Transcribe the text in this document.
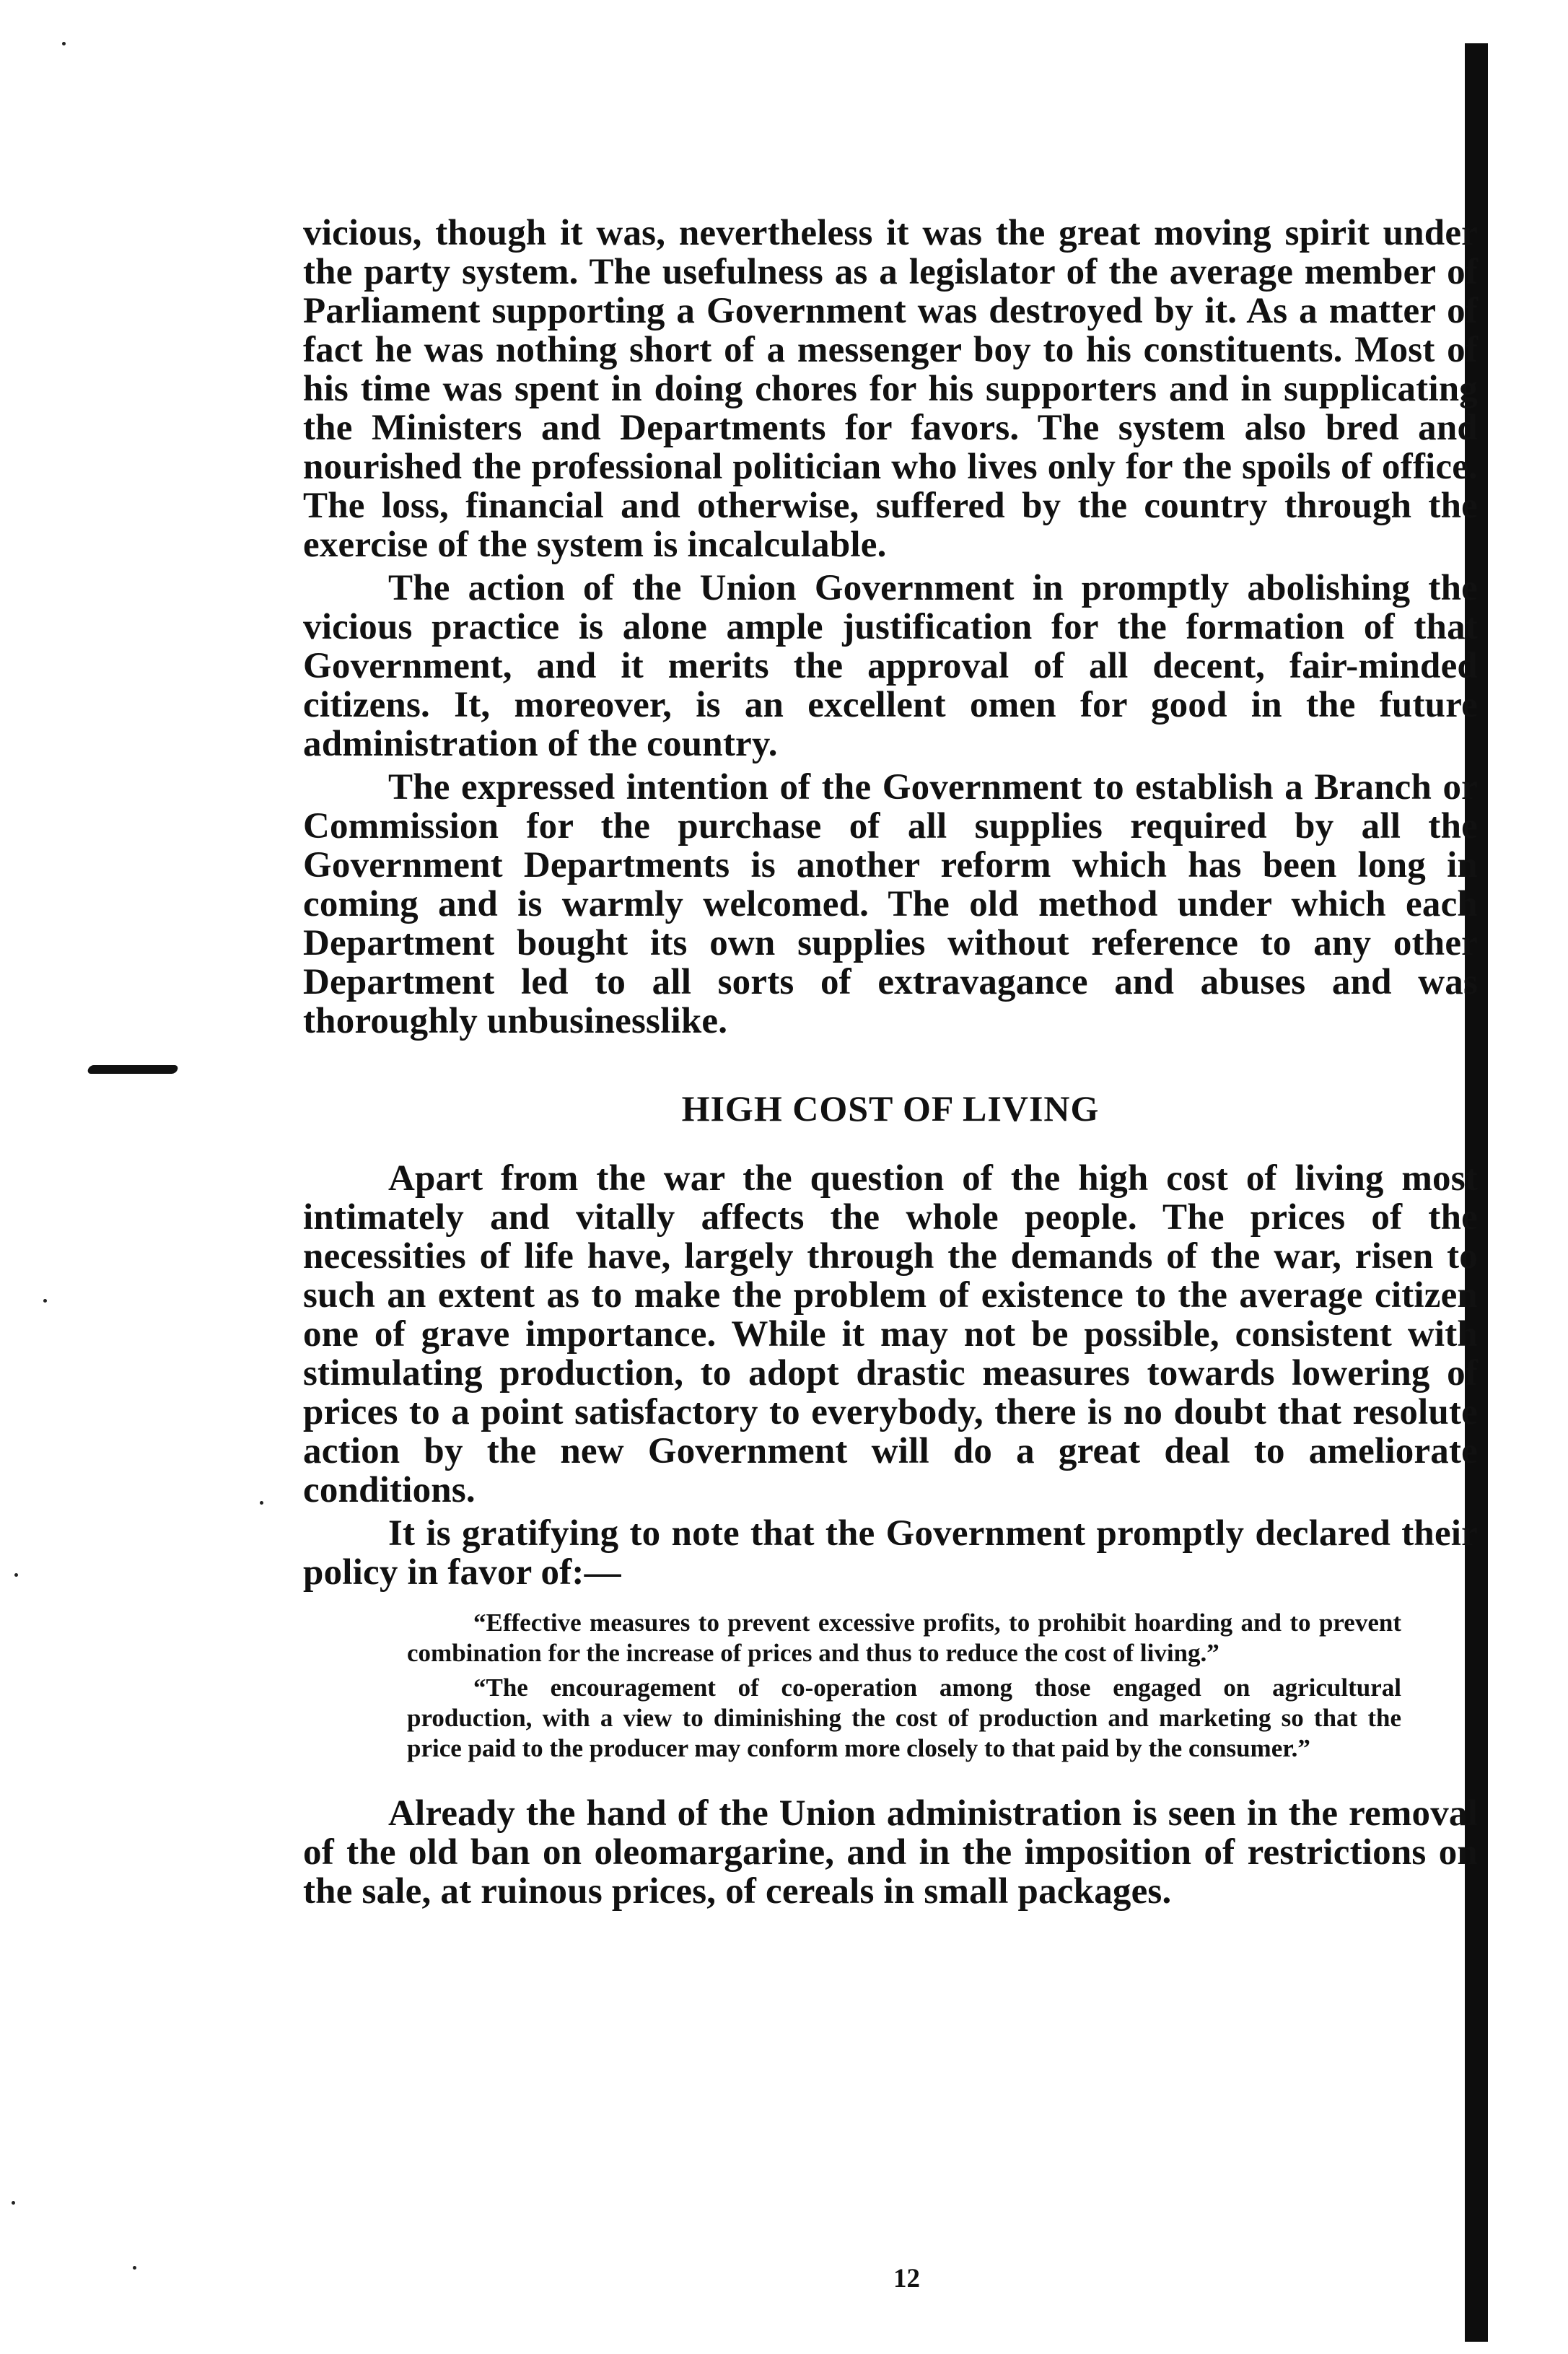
vicious, though it was, nevertheless it was the great moving spirit under the party system. The usefulness as a legislator of the average member of Parliament supporting a Government was destroyed by it. As a matter of fact he was nothing short of a messenger boy to his constituents. Most of his time was spent in doing chores for his supporters and in supplicating the Ministers and Departments for favors. The system also bred and nourished the professional politician who lives only for the spoils of office. The loss, financial and otherwise, suffered by the country through the exercise of the system is incalculable.

The action of the Union Government in promptly abolishing the vicious practice is alone ample justification for the formation of that Government, and it merits the approval of all decent, fair-minded citizens. It, moreover, is an excellent omen for good in the future administration of the country.

The expressed intention of the Government to establish a Branch or Commission for the purchase of all supplies required by all the Government Departments is another reform which has been long in coming and is warmly welcomed. The old method under which each Department bought its own supplies without reference to any other Department led to all sorts of extravagance and abuses and was thoroughly unbusinesslike.

HIGH COST OF LIVING

Apart from the war the question of the high cost of living most intimately and vitally affects the whole people. The prices of the necessities of life have, largely through the demands of the war, risen to such an extent as to make the problem of existence to the average citizen one of grave importance. While it may not be possible, consistent with stimulating production, to adopt drastic measures towards lowering of prices to a point satisfactory to everybody, there is no doubt that resolute action by the new Government will do a great deal to ameliorate conditions.

It is gratifying to note that the Government promptly declared their policy in favor of:—

“Effective measures to prevent excessive profits, to prohibit hoarding and to prevent combination for the increase of prices and thus to reduce the cost of living.”

“The encouragement of co-operation among those engaged on agricultural production, with a view to diminishing the cost of production and marketing so that the price paid to the producer may conform more closely to that paid by the consumer.”

Already the hand of the Union administration is seen in the removal of the old ban on oleomargarine, and in the imposition of restrictions on the sale, at ruinous prices, of cereals in small packages.

12
